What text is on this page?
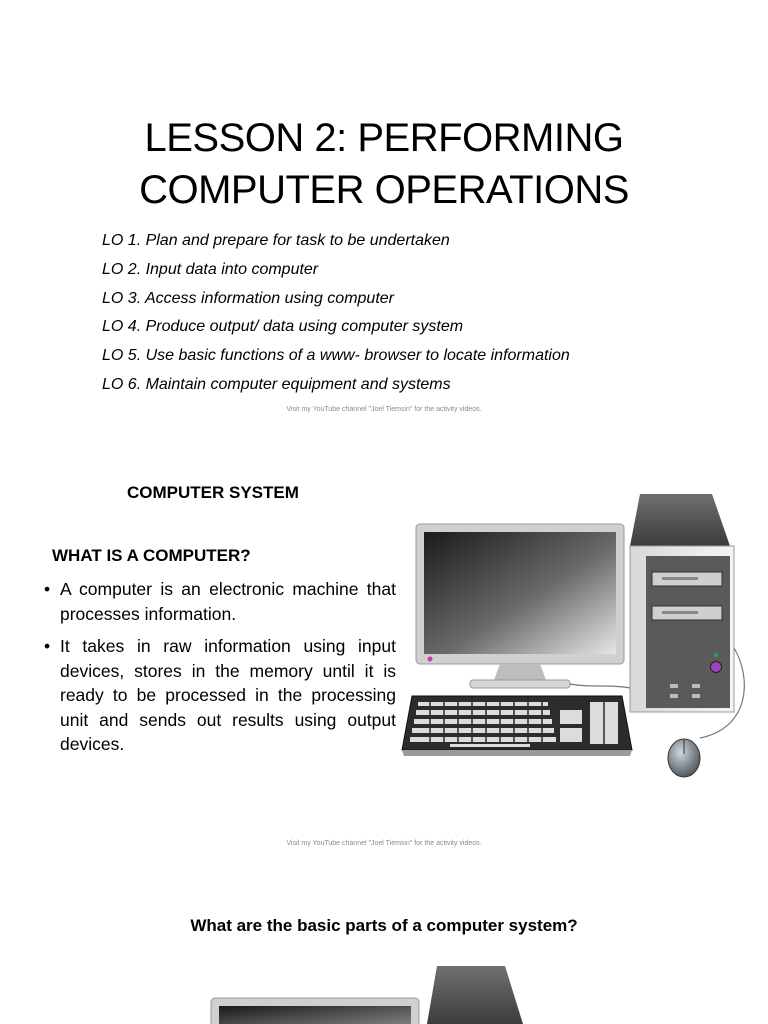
LESSON 2: PERFORMING
COMPUTER OPERATIONS
LO 1. Plan and prepare for task to be undertaken
LO 2. Input data into computer
LO 3. Access information using computer
LO 4. Produce output/ data using computer system
LO 5. Use basic functions of a www- browser to locate information
LO 6. Maintain computer equipment and systems
Visit my YouTube channel "Joel Tiemsin" for the activity videos.
COMPUTER SYSTEM
WHAT IS A COMPUTER?
• A computer is an electronic machine that processes information.
• It takes in raw information using input devices, stores in the memory until it is ready to be processed in the processing unit and sends out results using output devices.
Visit my YouTube channel "Joel Tiemsin" for the activity videos.
What are the basic parts of a computer system?
